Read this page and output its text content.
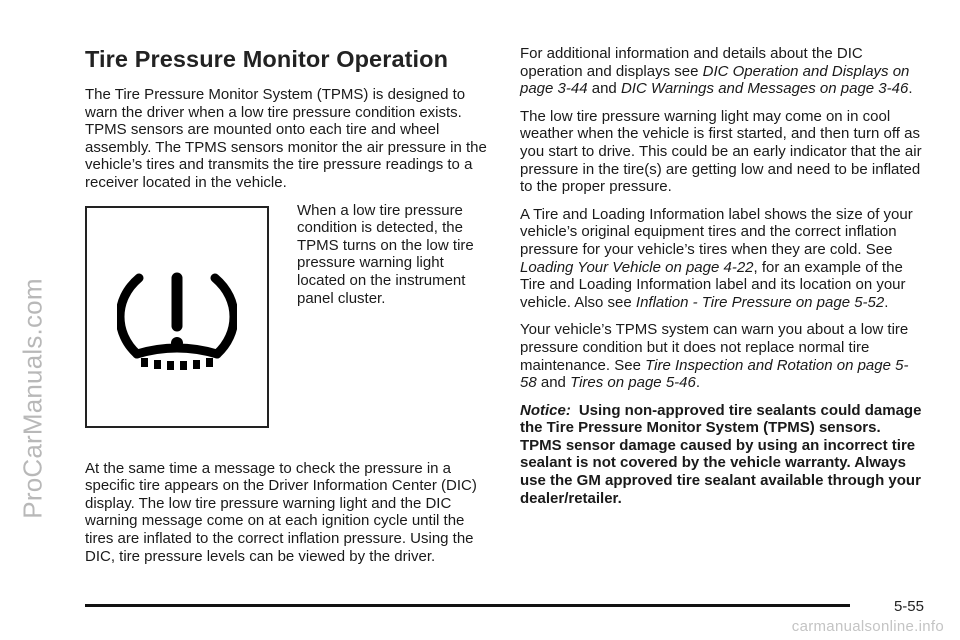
ProCarManuals.com
Tire Pressure Monitor Operation

The Tire Pressure Monitor System (TPMS) is designed to warn the driver when a low tire pressure condition exists. TPMS sensors are mounted onto each tire and wheel assembly. The TPMS sensors monitor the air pressure in the vehicle’s tires and transmits the tire pressure readings to a receiver located in the vehicle.

When a low tire pressure condition is detected, the TPMS turns on the low tire pressure warning light located on the instrument panel cluster.

At the same time a message to check the pressure in a specific tire appears on the Driver Information Center (DIC) display. The low tire pressure warning light and the DIC warning message come on at each ignition cycle until the tires are inflated to the correct inflation pressure. Using the DIC, tire pressure levels can be viewed by the driver.

For additional information and details about the DIC operation and displays see DIC Operation and Displays on page 3-44 and DIC Warnings and Messages on page 3-46.

The low tire pressure warning light may come on in cool weather when the vehicle is first started, and then turn off as you start to drive. This could be an early indicator that the air pressure in the tire(s) are getting low and need to be inflated to the proper pressure.

A Tire and Loading Information label shows the size of your vehicle’s original equipment tires and the correct inflation pressure for your vehicle’s tires when they are cold. See Loading Your Vehicle on page 4-22, for an example of the Tire and Loading Information label and its location on your vehicle. Also see Inflation - Tire Pressure on page 5-52.

Your vehicle’s TPMS system can warn you about a low tire pressure condition but it does not replace normal tire maintenance. See Tire Inspection and Rotation on page 5-58 and Tires on page 5-46.

Notice: Using non-approved tire sealants could damage the Tire Pressure Monitor System (TPMS) sensors. TPMS sensor damage caused by using an incorrect tire sealant is not covered by the vehicle warranty. Always use the GM approved tire sealant available through your dealer/retailer.

5-55
carmanualsonline.info
